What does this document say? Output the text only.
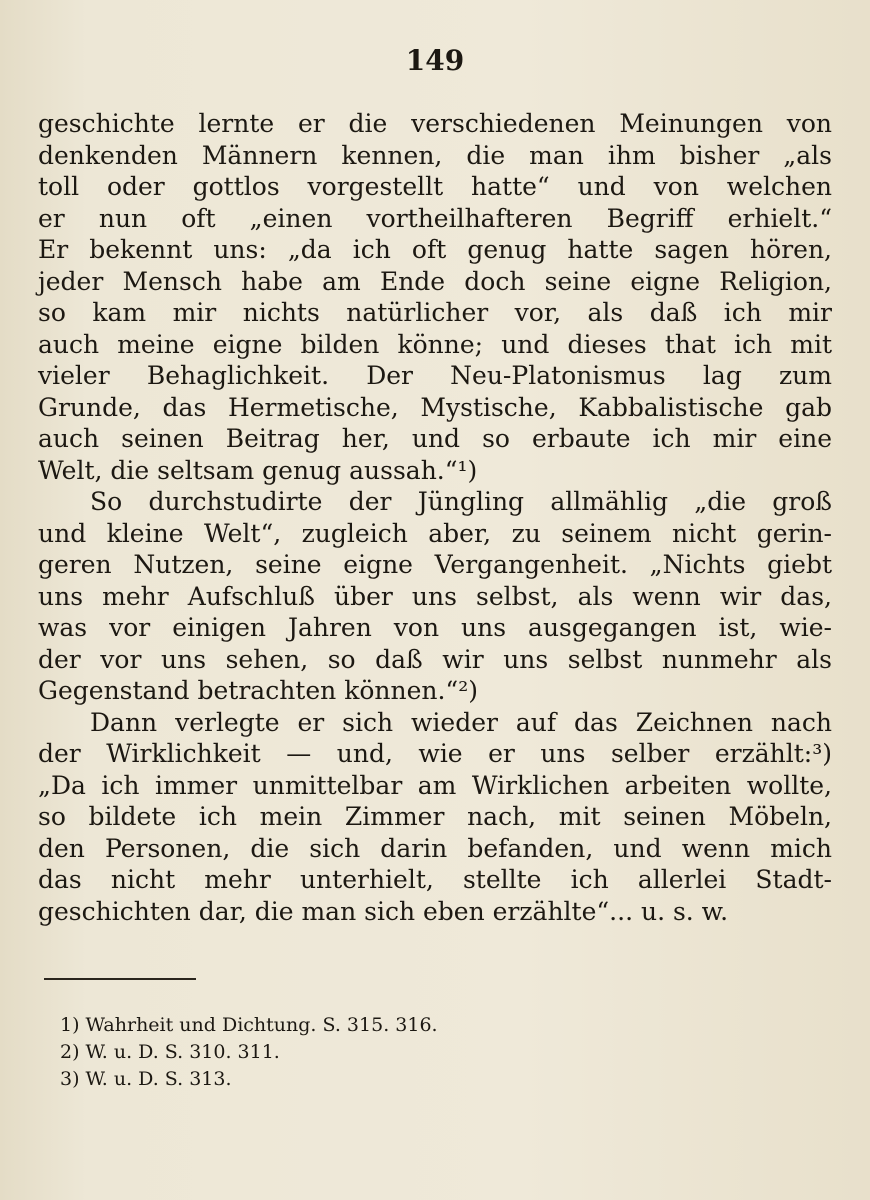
149
geschichte lernte er die verschiedenen Meinungen von
denkenden Männern kennen, die man ihm bisher „als
toll oder gottlos vorgestellt hatte“ und von welchen
er nun oft „einen vortheilhafteren Begriff erhielt.“
Er bekennt uns: „da ich oft genug hatte sagen hören,
jeder Mensch habe am Ende doch seine eigne Religion,
so kam mir nichts natürlicher vor, als daß ich mir
auch meine eigne bilden könne; und dieses that ich mit
vieler Behaglichkeit. Der Neu-Platonismus lag zum
Grunde, das Hermetische, Mystische, Kabbalistische gab
auch seinen Beitrag her, und so erbaute ich mir eine
Welt, die seltsam genug aussah.“¹)
So durchstudirte der Jüngling allmählig „die groß
und kleine Welt“, zugleich aber, zu seinem nicht gerin-
geren Nutzen, seine eigne Vergangenheit. „Nichts giebt
uns mehr Aufschluß über uns selbst, als wenn wir das,
was vor einigen Jahren von uns ausgegangen ist, wie-
der vor uns sehen, so daß wir uns selbst nunmehr als
Gegenstand betrachten können.“²)
Dann verlegte er sich wieder auf das Zeichnen nach
der Wirklichkeit — und, wie er uns selber erzählt:³)
„Da ich immer unmittelbar am Wirklichen arbeiten wollte,
so bildete ich mein Zimmer nach, mit seinen Möbeln,
den Personen, die sich darin befanden, und wenn mich
das nicht mehr unterhielt, stellte ich allerlei Stadt-
geschichten dar, die man sich eben erzählte“... u. s. w.
1) Wahrheit und Dichtung. S. 315. 316.
2) W. u. D. S. 310. 311.
3) W. u. D. S. 313.
